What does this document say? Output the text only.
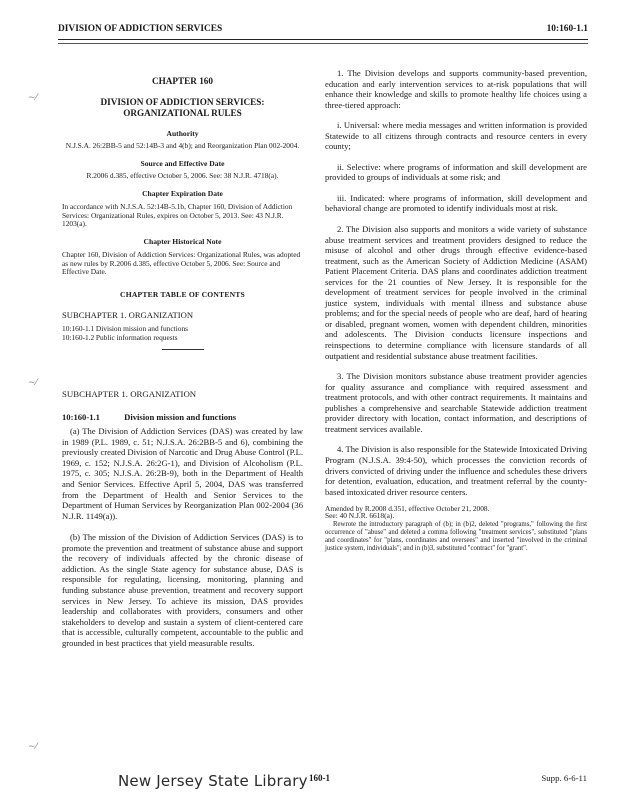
DIVISION OF ADDICTION SERVICES	10:160-1.1
∼⁄
∼⁄
∼⁄
CHAPTER 160
DIVISION OF ADDICTION SERVICES: ORGANIZATIONAL RULES
Authority
N.J.S.A. 26:2BB-5 and 52:14B-3 and 4(b); and Reorganization Plan 002-2004.
Source and Effective Date
R.2006 d.385, effective October 5, 2006. See: 38 N.J.R. 4718(a).
Chapter Expiration Date
In accordance with N.J.S.A. 52:14B-5.1b, Chapter 160, Division of Addiction Services: Organizational Rules, expires on October 5, 2013. See: 43 N.J.R. 1203(a).
Chapter Historical Note
Chapter 160, Division of Addiction Services: Organizational Rules, was adopted as new rules by R.2006 d.385, effective October 5, 2006. See: Source and Effective Date.
CHAPTER TABLE OF CONTENTS
SUBCHAPTER 1. ORGANIZATION
10:160-1.1 Division mission and functions
10:160-1.2 Public information requests
SUBCHAPTER 1. ORGANIZATION
10:160-1.1	Division mission and functions

(a) The Division of Addiction Services (DAS) was created by law in 1989 (P.L. 1989, c. 51; N.J.S.A. 26:2BB-5 and 6), combining the previously created Division of Narcotic and Drug Abuse Control (P.L. 1969, c. 152; N.J.S.A. 26:2G-1), and Division of Alcoholism (P.L. 1975, c. 305; N.J.S.A. 26:2B-9), both in the Department of Health and Senior Services. Effective April 5, 2004, DAS was transferred from the Department of Health and Senior Services to the Department of Human Services by Reorganization Plan 002-2004 (36 N.J.R. 1149(a)).

(b) The mission of the Division of Addiction Services (DAS) is to promote the prevention and treatment of substance abuse and support the recovery of individuals affected by the chronic disease of addiction. As the single State agency for substance abuse, DAS is responsible for regulating, licensing, monitoring, planning and funding substance abuse prevention, treatment and recovery support services in New Jersey. To achieve its mission, DAS provides leadership and collaborates with providers, consumers and other stakeholders to develop and sustain a system of client-centered care that is accessible, culturally competent, accountable to the public and grounded in best practices that yield measurable results.

1. The Division develops and supports community-based prevention, education and early intervention services to at-risk populations that will enhance their knowledge and skills to promote healthy life choices using a three-tiered approach:

i. Universal: where media messages and written information is provided Statewide to all citizens through contracts and resource centers in every county;

ii. Selective: where programs of information and skill development are provided to groups of individuals at some risk; and

iii. Indicated: where programs of information, skill development and behavioral change are promoted to identify individuals most at risk.

2. The Division also supports and monitors a wide variety of substance abuse treatment services and treatment providers designed to reduce the misuse of alcohol and other drugs through effective evidence-based treatment, such as the American Society of Addiction Medicine (ASAM) Patient Placement Criteria. DAS plans and coordinates addiction treatment services for the 21 counties of New Jersey. It is responsible for the development of treatment services for people involved in the criminal justice system, individuals with mental illness and substance abuse problems; and for the special needs of people who are deaf, hard of hearing or disabled, pregnant women, women with dependent children, minorities and adolescents. The Division conducts licensure inspections and reinspections to determine compliance with licensure standards of all outpatient and residential substance abuse treatment facilities.

3. The Division monitors substance abuse treatment provider agencies for quality assurance and compliance with required assessment and treatment protocols, and with other contract requirements. It maintains and publishes a comprehensive and searchable Statewide addiction treatment provider directory with location, contact information, and descriptions of treatment services available.

4. The Division is also responsible for the Statewide Intoxicated Driving Program (N.J.S.A. 39:4-50), which processes the conviction records of drivers convicted of driving under the influence and schedules these drivers for detention, evaluation, education, and treatment referral by the county-based intoxicated driver resource centers.

Amended by R.2008 d.351, effective October 21, 2008.
See: 40 N.J.R. 6618(a).
Rewrote the introductory paragraph of (b); in (b)2, deleted "programs," following the first occurrence of "abuse" and deleted a comma following "treatment services", substituted "plans and coordinates" for "plans, coordinates and oversees" and inserted "involved in the criminal justice system, individuals"; and in (b)3, substituted "contract" for "grant".
New Jersey State Library 160-1	Supp. 6-6-11
